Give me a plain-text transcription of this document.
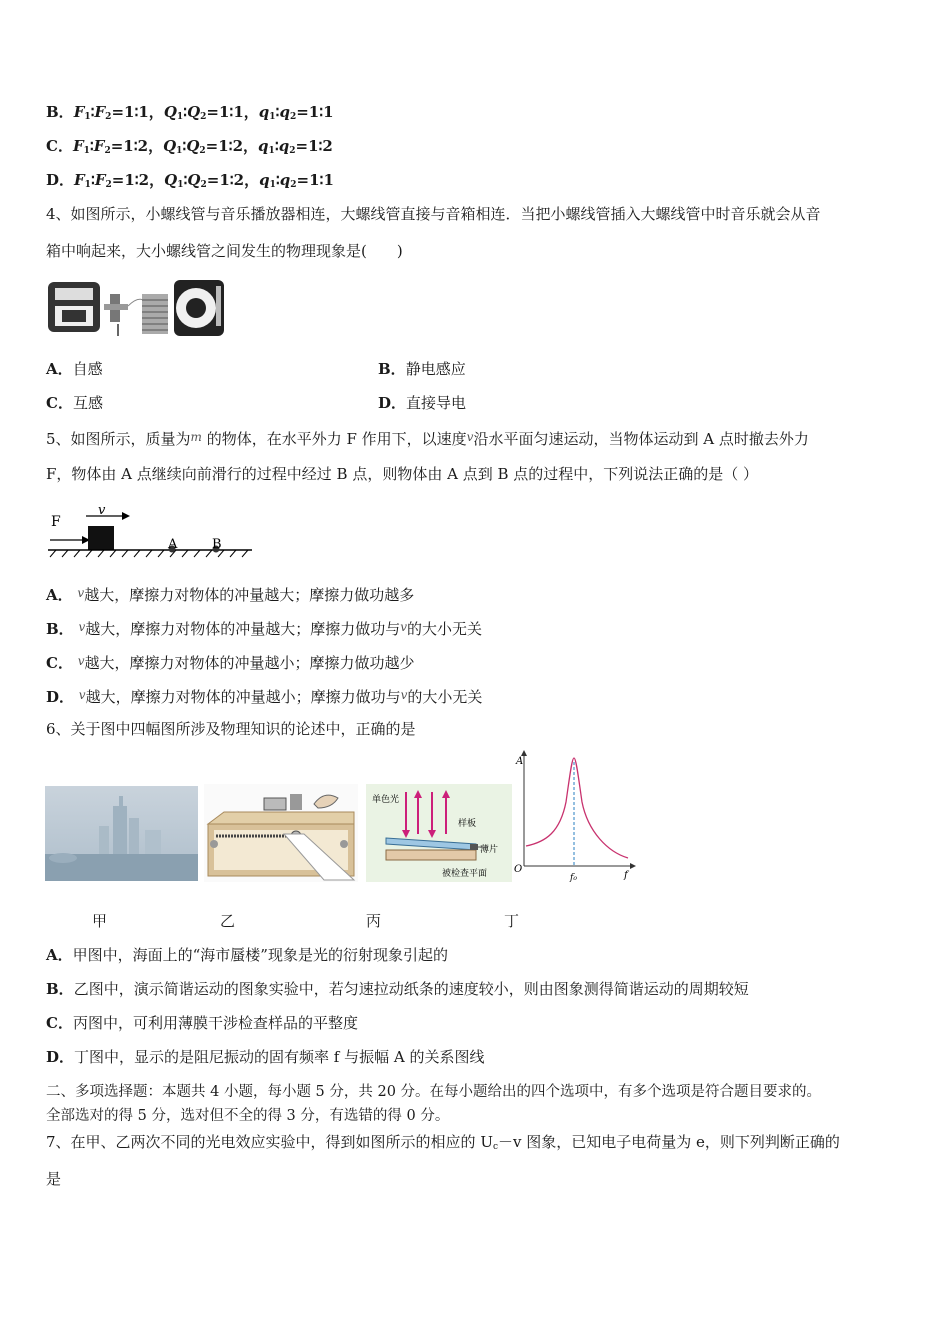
B．$F_1∶F_2=1∶1$，$Q_1∶Q_2=1∶1$，$q_1∶q_2=1∶1$
C．$F_1∶F_2=1∶2$，$Q_1∶Q_2=1∶2$，$q_1∶q_2=1∶2$
D．$F_1∶F_2=1∶2$，$Q_1∶Q_2=1∶2$，$q_1∶q_2=1∶1$
4、如图所示，小螺线管与音乐播放器相连，大螺线管直接与音箱相连．当把小螺线管插入大螺线管中时音乐就会从音
箱中响起来，大小螺线管之间发生的物理现象是(　　)
A．自感	B．静电感应
C．互感	D．直接导电
5、如图所示，质量为$^m$ 的物体，在水平外力 F 作用下，以速度$^v$沿水平面匀速运动，当物体运动到 A 点时撤去外力
F，物体由 A 点继续向前滑行的过程中经过 B 点，则物体由 A 点到 B 点的过程中，下列说法正确的是（ ）
F
v
A	B
A． $^v$越大，摩擦力对物体的冲量越大；摩擦力做功越多
B． $^v$越大，摩擦力对物体的冲量越大；摩擦力做功与$^v$的大小无关
C． $^v$越大，摩擦力对物体的冲量越小；摩擦力做功越少
D． $^v$越大，摩擦力对物体的冲量越小；摩擦力做功与$^v$的大小无关
6、关于图中四幅图所涉及物理知识的论述中，正确的是
单色光
样板
薄片
被检查平面
A
O
f₀	f
甲	乙	丙	丁
A．甲图中，海面上的“海市蜃楼”现象是光的衍射现象引起的
B．乙图中，演示简谐运动的图象实验中，若匀速拉动纸条的速度较小，则由图象测得简谐运动的周期较短
C．丙图中，可利用薄膜干涉检查样品的平整度
D．丁图中，显示的是阻尼振动的固有频率 f 与振幅 A 的关系图线
二、多项选择题：本题共 4 小题，每小题 5 分，共 20 分。在每小题给出的四个选项中，有多个选项是符合题目要求的。
全部选对的得 5 分，选对但不全的得 3 分，有选错的得 0 分。
7、在甲、乙两次不同的光电效应实验中，得到如图所示的相应的 $U_c-v$ 图象，已知电子电荷量为 e，则下列判断正确的
是
